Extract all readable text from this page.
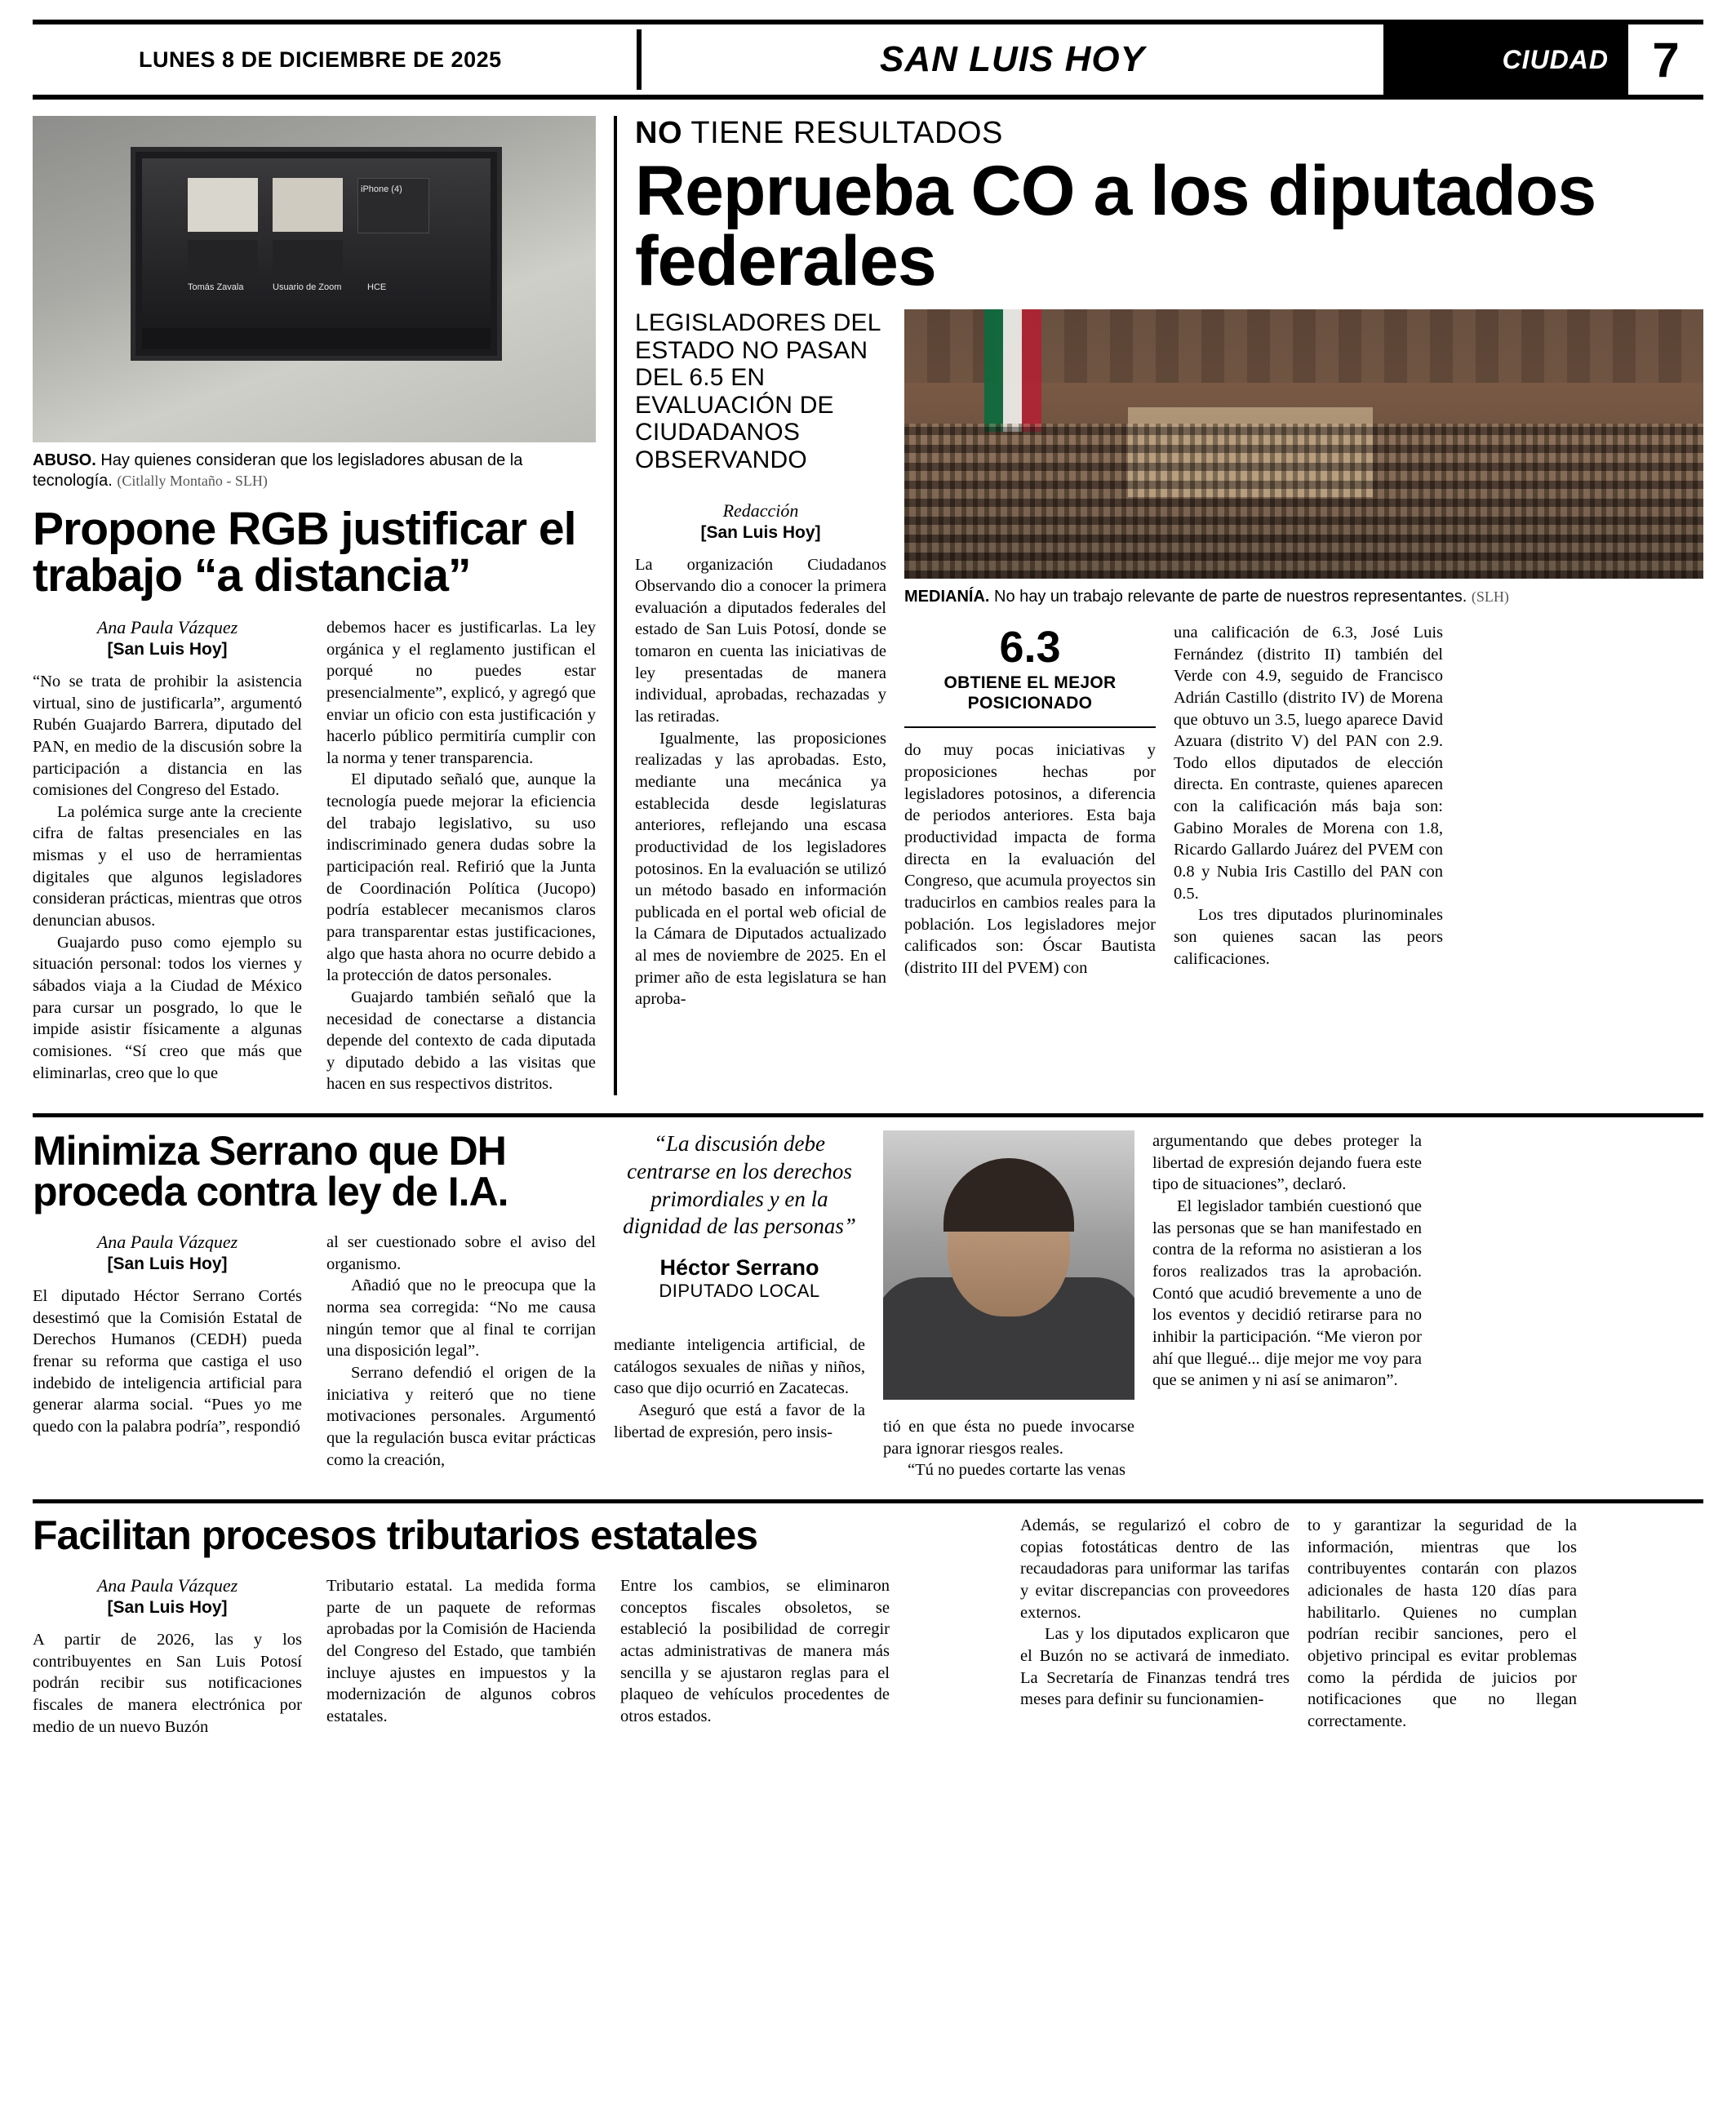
LUNES 8 DE DICIEMBRE DE 2025	SAN LUIS HOY	CIUDAD 7
Tomás Zavala	Usuario de Zoom	HCE
iPhone (4)
ABUSO. Hay quienes consideran que los legisladores abusan de la tecnología. (Citlally Montaño - SLH)
Propone RGB justificar el trabajo “a distancia”
Ana Paula Vázquez
[San Luis Hoy]

“No se trata de prohibir la asistencia virtual, sino de justificarla”, argumentó Rubén Guajardo Barrera, diputado del PAN, en medio de la discusión sobre la participación a distancia en las comisiones del Congreso del Estado.

La polémica surge ante la creciente cifra de faltas presenciales en las mismas y el uso de herramientas digitales que algunos legisladores consideran prácticas, mientras que otros denuncian abusos.

Guajardo puso como ejemplo su situación personal: todos los viernes y sábados viaja a la Ciudad de México para cursar un posgrado, lo que le impide asistir físicamente a algunas comisiones. “Sí creo que más que eliminarlas, creo que lo que

debemos hacer es justificarlas. La ley orgánica y el reglamento justifican el porqué no puedes estar presencialmente”, explicó, y agregó que enviar un oficio con esta justificación y hacerlo público permitiría cumplir con la norma y tener transparencia.

El diputado señaló que, aunque la tecnología puede mejorar la eficiencia del trabajo legislativo, su uso indiscriminado genera dudas sobre la participación real. Refirió que la Junta de Coordinación Política (Jucopo) podría establecer mecanismos claros para transparentar estas justificaciones, algo que hasta ahora no ocurre debido a la protección de datos personales.

Guajardo también señaló que la necesidad de conectarse a distancia depende del contexto de cada diputada y diputado debido a las visitas que hacen en sus respectivos distritos.

NO TIENE RESULTADOS
Reprueba CO a los diputados federales
LEGISLADORES DEL ESTADO NO PASAN DEL 6.5 EN EVALUACIÓN DE CIUDADANOS OBSERVANDO
Redacción
[San Luis Hoy]

La organización Ciudadanos Observando dio a conocer la primera evaluación a diputados federales del estado de San Luis Potosí, donde se tomaron en cuenta las iniciativas de ley presentadas de manera individual, aprobadas, rechazadas y las retiradas.

Igualmente, las proposiciones realizadas y las aprobadas. Esto, mediante una mecánica ya establecida desde legislaturas anteriores, reflejando una escasa productividad de los legisladores potosinos. En la evaluación se utilizó un método basado en información publicada en el portal web oficial de la Cámara de Diputados actualizado al mes de noviembre de 2025. En el primer año de esta legislatura se han aproba-

MEDIANÍA. No hay un trabajo relevante de parte de nuestros representantes. (SLH)
6.3
OBTIENE EL MEJOR POSICIONADO

do muy pocas iniciativas y proposiciones hechas por legisladores potosinos, a diferencia de periodos anteriores. Esta baja productividad impacta de forma directa en la evaluación del Congreso, que acumula proyectos sin traducirlos en cambios reales para la población. Los legisladores mejor calificados son: Óscar Bautista (distrito III del PVEM) con

una calificación de 6.3, José Luis Fernández (distrito II) también del Verde con 4.9, seguido de Francisco Adrián Castillo (distrito IV) de Morena que obtuvo un 3.5, luego aparece David Azuara (distrito V) del PAN con 2.9. Todo ellos diputados de elección directa. En contraste, quienes aparecen con la calificación más baja son: Gabino Morales de Morena con 1.8, Ricardo Gallardo Juárez del PVEM con 0.8 y Nubia Iris Castillo del PAN con 0.5.

Los tres diputados plurinominales son quienes sacan las peors calificaciones.

Minimiza Serrano que DH proceda contra ley de I.A.
Ana Paula Vázquez
[San Luis Hoy]

El diputado Héctor Serrano Cortés desestimó que la Comisión Estatal de Derechos Humanos (CEDH) pueda frenar su reforma que castiga el uso indebido de inteligencia artificial para generar alarma social. “Pues yo me quedo con la palabra podría”, respondió

al ser cuestionado sobre el aviso del organismo.

Añadió que no le preocupa que la norma sea corregida: “No me causa ningún temor que al final te corrijan una disposición legal”.

Serrano defendió el origen de la iniciativa y reiteró que no tiene motivaciones personales. Argumentó que la regulación busca evitar prácticas como la creación,

“La discusión debe centrarse en los derechos primordiales y en la dignidad de las personas”
Héctor Serrano
DIPUTADO LOCAL

mediante inteligencia artificial, de catálogos sexuales de niñas y niños, caso que dijo ocurrió en Zacatecas.

Aseguró que está a favor de la libertad de expresión, pero insis-	tió en que ésta no puede invocarse para ignorar riesgos reales.

“Tú no puedes cortarte las venas

argumentando que debes proteger la libertad de expresión dejando fuera este tipo de situaciones”, declaró.

El legislador también cuestionó que las personas que se han manifestado en contra de la reforma no asistieran a los foros realizados tras la aprobación. Contó que acudió brevemente a uno de los eventos y decidió retirarse para no inhibir la participación. “Me vieron por ahí que llegué... dije mejor me voy para que se animen y ni así se animaron”.

Facilitan procesos tributarios estatales
Ana Paula Vázquez
[San Luis Hoy]

A partir de 2026, las y los contribuyentes en San Luis Potosí podrán recibir sus notificaciones fiscales de manera electrónica por medio de un nuevo Buzón

Tributario estatal. La medida forma parte de un paquete de reformas aprobadas por la Comisión de Hacienda del Congreso del Estado, que también incluye ajustes en impuestos y la modernización de algunos cobros estatales.

Entre los cambios, se eliminaron conceptos fiscales obsoletos, se estableció la posibilidad de corregir actas administrativas de manera más sencilla y se ajustaron reglas para el plaqueo de vehículos procedentes de otros estados.

Además, se regularizó el cobro de copias fotostáticas dentro de las recaudadoras para uniformar las tarifas y evitar discrepancias con proveedores externos.

Las y los diputados explicaron que el Buzón no se activará de inmediato. La Secretaría de Finanzas tendrá tres meses para definir su funcionamien-

to y garantizar la seguridad de la información, mientras que los contribuyentes contarán con plazos adicionales de hasta 120 días para habilitarlo. Quienes no cumplan podrían recibir sanciones, pero el objetivo principal es evitar problemas como la pérdida de juicios por notificaciones que no llegan correctamente.
